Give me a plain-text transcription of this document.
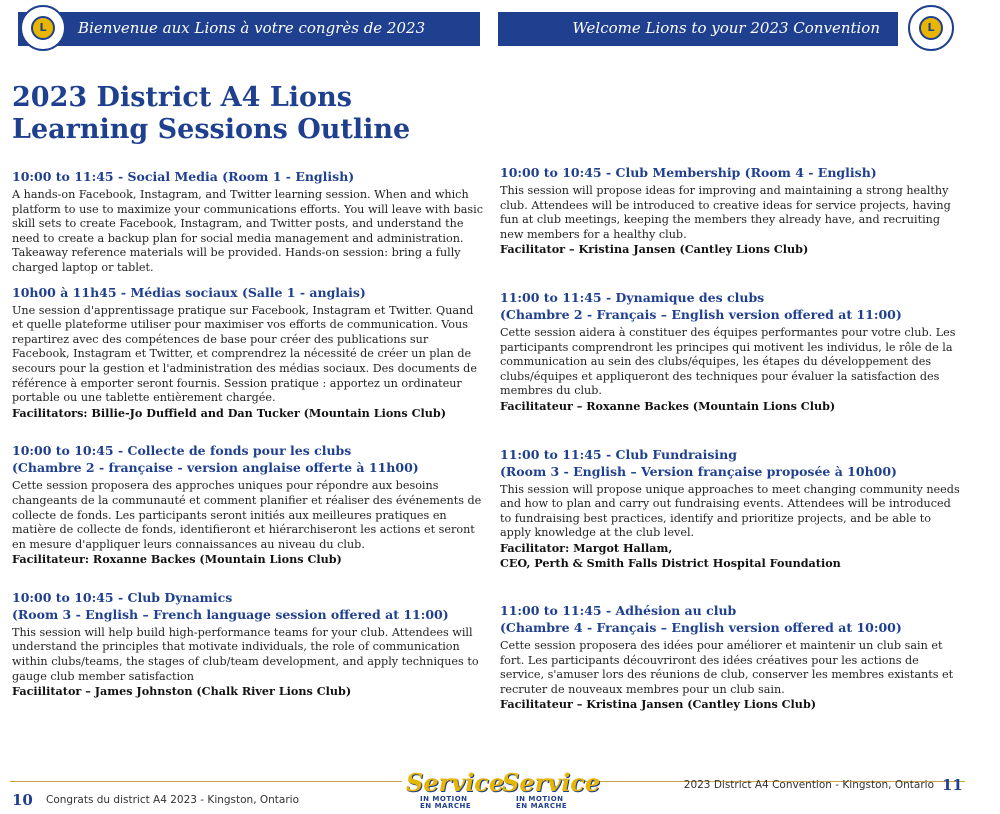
Bienvenue aux Lions à votre congrès de 2023
L	Welcome Lions to your 2023 Convention	L
2023 District A4 Lions
Learning Sessions Outline

10:00 to 11:45 - Social Media (Room 1 - English)

A hands-on Facebook, Instagram, and Twitter learning session. When and which platform to use to maximize your communications efforts. You will leave with basic skill sets to create Facebook, Instagram, and Twitter posts, and understand the need to create a backup plan for social media management and administration. Takeaway reference materials will be provided. Hands-on session: bring a fully charged laptop or tablet.

10h00 à 11h45 - Médias sociaux (Salle 1 - anglais)

Une session d'apprentissage pratique sur Facebook, Instagram et Twitter. Quand et quelle plateforme utiliser pour maximiser vos efforts de communication. Vous repartirez avec des compétences de base pour créer des publications sur Facebook, Instagram et Twitter, et comprendrez la nécessité de créer un plan de secours pour la gestion et l'administration des médias sociaux. Des documents de référence à emporter seront fournis. Session pratique : apportez un ordinateur portable ou une tablette entièrement chargée.

Facilitators: Billie-Jo Duffield and Dan Tucker (Mountain Lions Club)

10:00 to 10:45 - Collecte de fonds pour les clubs
(Chambre 2 - française - version anglaise offerte à 11h00)

Cette session proposera des approches uniques pour répondre aux besoins changeants de la communauté et comment planifier et réaliser des événements de collecte de fonds. Les participants seront initiés aux meilleures pratiques en matière de collecte de fonds, identifieront et hiérarchiseront les actions et seront en mesure d'appliquer leurs connaissances au niveau du club.

Facilitateur: Roxanne Backes (Mountain Lions Club)

10:00 to 10:45 - Club Dynamics
(Room 3 - English – French language session offered at 11:00)

This session will help build high-performance teams for your club. Attendees will understand the principles that motivate individuals, the role of communication within clubs/teams, the stages of club/team development, and apply techniques to gauge club member satisfaction

Faciilitator – James Johnston (Chalk River Lions Club)

10:00 to 10:45 - Club Membership (Room 4 - English)

This session will propose ideas for improving and maintaining a strong healthy club. Attendees will be introduced to creative ideas for service projects, having fun at club meetings, keeping the members they already have, and recruiting new members for a healthy club.

Facilitator – Kristina Jansen (Cantley Lions Club)

11:00 to 11:45 - Dynamique des clubs
(Chambre 2 - Français – English version offered at 11:00)

Cette session aidera à constituer des équipes performantes pour votre club. Les participants comprendront les principes qui motivent les individus, le rôle de la communication au sein des clubs/équipes, les étapes du développement des clubs/équipes et appliqueront des techniques pour évaluer la satisfaction des membres du club.

Facilitateur – Roxanne Backes (Mountain Lions Club)

11:00 to 11:45 - Club Fundraising
(Room 3 - English – Version française proposée à 10h00)

This session will propose unique approaches to meet changing community needs and how to plan and carry out fundraising events. Attendees will be introduced to fundraising best practices, identify and prioritize projects, and be able to apply knowledge at the club level.

Facilitator: Margot Hallam,
CEO, Perth & Smith Falls District Hospital Foundation

11:00 to 11:45 - Adhésion au club
(Chambre 4 - Français – English version offered at 10:00)

Cette session proposera des idées pour améliorer et maintenir un club sain et fort. Les participants découvriront des idées créatives pour les actions de service, s'amuser lors des réunions de club, conserver les membres existants et recruter de nouveaux membres pour un club sain.

Facilitateur – Kristina Jansen (Cantley Lions Club)

10 Congrats du district A4 2023 - Kingston, Ontario
2023 District A4 Convention - Kingston, Ontario 11
Service
IN MOTION
EN MARCHE
Service
IN MOTION
EN MARCHE
